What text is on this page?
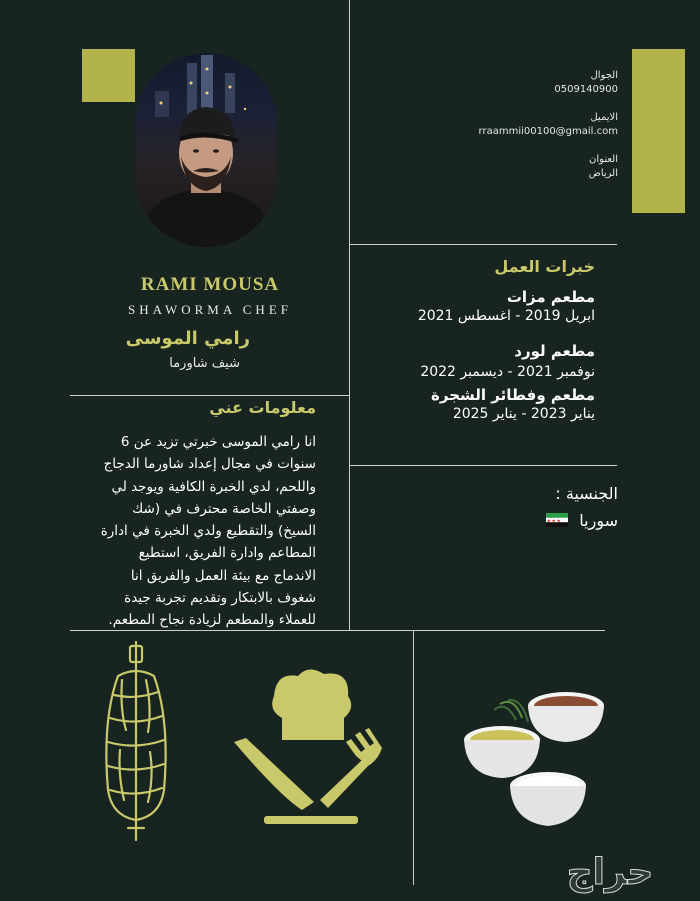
RAMI MOUSA
SHAWORMA CHEF
رامي الموسى
شيف شاورما
الجوال
0509140900
الايميل
rraammii00100@gmail.com
العنوان
الرياض
خبرات العمل
مطعم مزات
ابريل 2019 - اغسطس 2021
مطعم لورد
نوفمبر 2021 - ديسمبر 2022
مطعم وفطائر الشجرة
يناير 2023 - يناير 2025
الجنسية :
سوريا
★ ★ ★
معلومات عني
انا رامي الموسى خبرتي تزيد عن 6
سنوات في مجال إعداد شاورما الدجاج
واللحم، لدي الخبرة الكافية ويوجد لي
وصفتي الخاصة محترف في (شك
السيخ) والتقطيع ولدي الخبرة في ادارة
المطاعم وادارة الفريق، استطيع
الاندماج مع بيئة العمل والفريق انا
شغوف بالابتكار وتقديم تجربة جيدة
للعملاء والمطعم لزيادة نجاح المطعم.
حراج
